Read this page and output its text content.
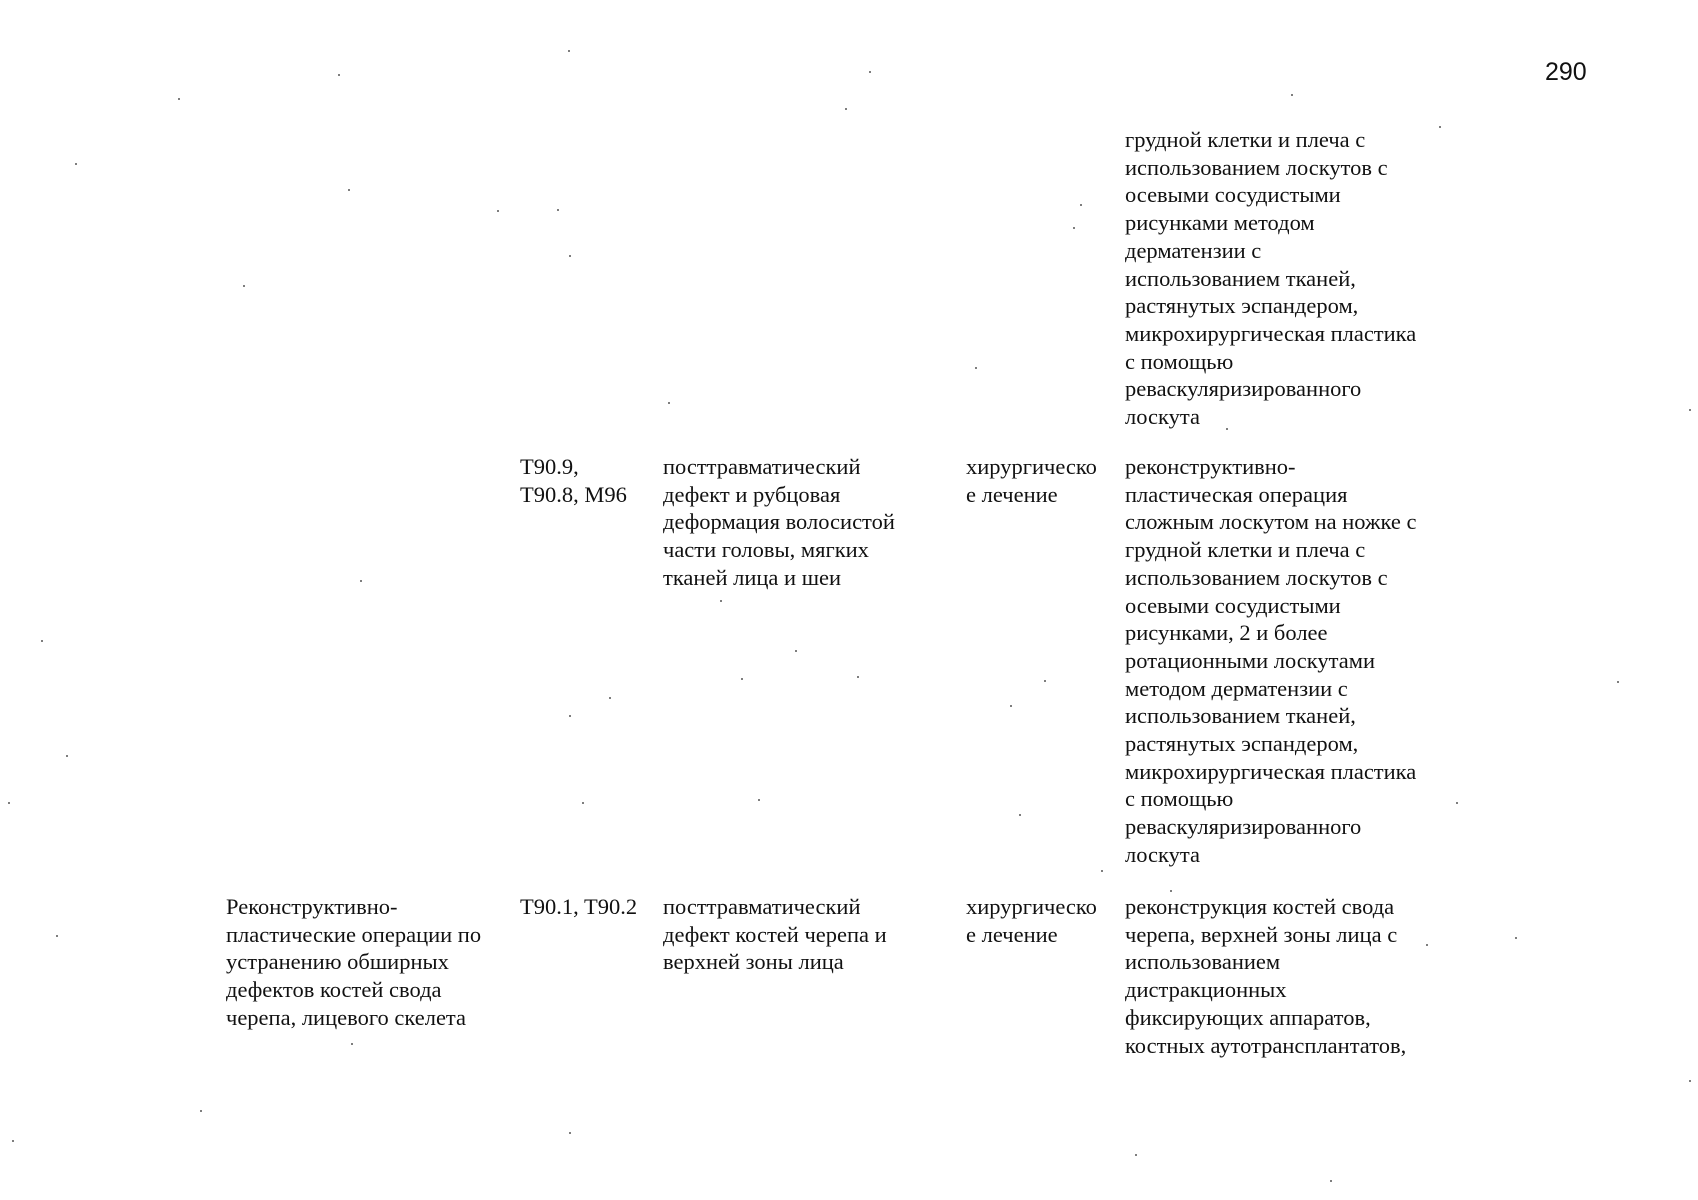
290
грудной клетки и плеча с
использованием лоскутов с
осевыми сосудистыми
рисунками методом
дерматензии с
использованием тканей,
растянутых эспандером,
микрохирургическая пластика
с помощью
реваскуляризированного
лоскута
T90.9,
T90.8, M96
посттравматический
дефект и рубцовая
деформация волосистой
части головы, мягких
тканей лица и шеи
хирургическо
е лечение
реконструктивно-
пластическая операция
сложным лоскутом на ножке с
грудной клетки и плеча с
использованием лоскутов с
осевыми сосудистыми
рисунками, 2 и более
ротационными лоскутами
методом дерматензии с
использованием тканей,
растянутых эспандером,
микрохирургическая пластика
с помощью
реваскуляризированного
лоскута
Реконструктивно-
пластические операции по
устранению обширных
дефектов костей свода
черепа, лицевого скелета
T90.1, T90.2	посттравматический
дефект костей черепа и
верхней зоны лица
хирургическо
е лечение
реконструкция костей свода
черепа, верхней зоны лица с
использованием
дистракционных
фиксирующих аппаратов,
костных аутотрансплантатов,
